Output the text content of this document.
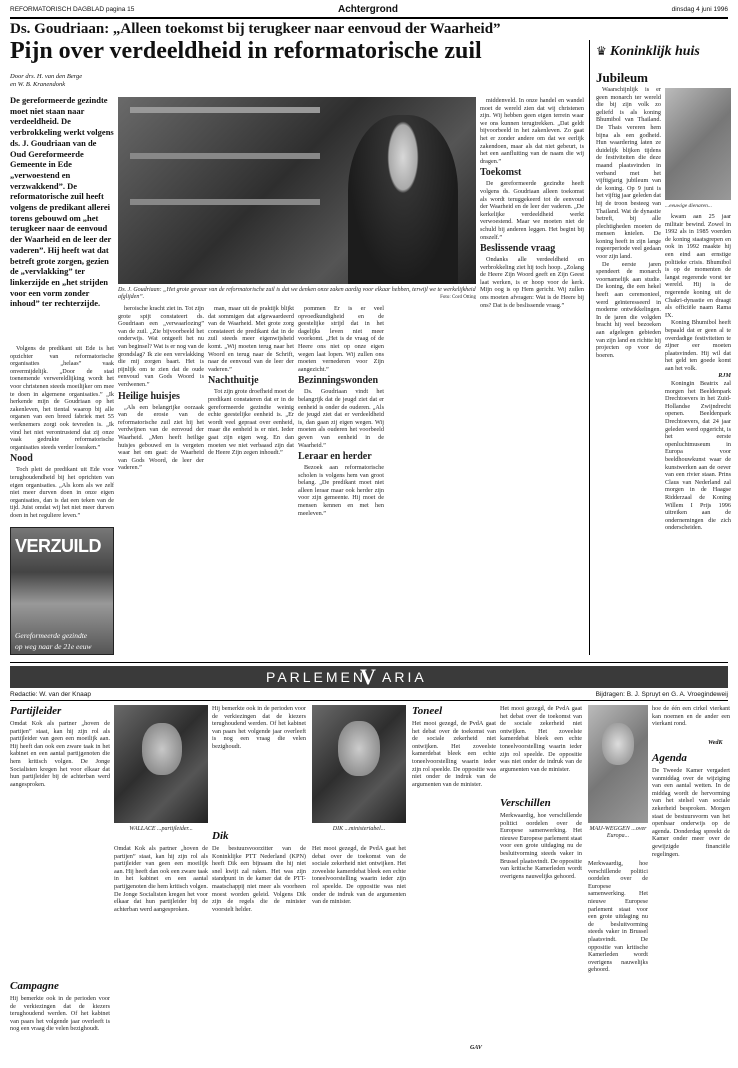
REFORMATORISCH DAGBLAD pagina 15	Achtergrond	dinsdag 4 juni 1996
Ds. Goudriaan: „Alleen toekomst bij terugkeer naar eenvoud der Waarheid”
Pijn over verdeeldheid in reformatorische zuil	♛ Koninklijk huis
Door drs. H. van den Berge
en W. B. Kranendonk
De gereformeerde gezindte moet niet staan naar verdeeldheid. De verbrokkeling werkt volgens ds. J. Goudriaan van de Oud Gereformeerde Gemeente in Ede „verwoestend en verzwakkend”. De reformatorische zuil heeft volgens de predikant allerei torens gebouwd om „het terugkeer naar de eenvoud der Waarheid en de leer der vaderen”. Hij heeft wat dat betreft grote zorgen, gezien de „vervlakking” ter linkerzijde en „het strijden voor een vorm zonder inhoud” ter rechterzijde.

Volgens de predikant uit Ede is het opzichter van reformatorische organisaties „helaas” vaak onvermijdelijk. „Door de stad toenemende verwereldlijking wordt het voor christenen steeds moeilijker om mee te doen in algemene organisaties.” „Ik herkende mijn de Goudriaan op het zakenleven, het tiental waarop bij alle organen van een breed fabriek met 55 werknemers zorgt ook tevreden is. „Ik vind het niet verontrustend dat zij onze vaak gedrukte reformatorische organisaties steeds verder losraken.”

Nood

Toch pleit de predikant uit Ede voor terughoudendheid bij het oprichten van eigen organisaties. „Als kom als we zelf niet meer durven doen in onze eigen organisaties, dan is dat een teken van de tijd. Juist omdat wij het niet meer durven doen in het reguliere leven.”

VERZUILD
Gereformeerde gezindte
op weg naar de 21e eeuw
Ds. J. Goudriaan: „Het grote gevaar van de reformatorische zuil is dat we denken onze zaken aardig voor elkaar hebben, terwijl we te werkelijkheid afglijden”.	Foto: Cord Otting

heroische kracht ziet in. Tot zijn grote spijt constateert ds. Goudriaan een „verwaarlozing” van de zuil. „Zie bijvoorbeeld het onderwijs. Wat ontgeeft het nu van beginsel? Wat is er nog van de grondslag? Ik zie een vervlakking die mij zorgen baart. Het is pijnlijk om te zien dat de oude eenvoud van Gods Woord is verdwenen.”

Heilige huisjes

„Als een belangrijke oorzaak van de erosie van de reformatorische zuil ziet hij het verdwijnen van de eenvoud der Waarheid. „Men heeft heilige huisjes gebouwd en is vergeten waar het om gaat: de Waarheid van Gods Woord, de leer der vaderen.”

man, maar uit de praktijk blijkt dat sommigen dat afgewaardeerd van de Waarheid. Met grote zorg constateert de predikant dat in de zuil steeds meer eigenwijsheid komt. „Wij moeten terug naar het Woord en terug naar de Schrift, naar de eenvoud van de leer der vaderen.”

Nachthuitje

Tot zijn grote droefheid moet de predikant constateren dat er in de gereformeerde gezindte weinig echte geestelijke eenheid is. „Er wordt veel gepraat over eenheid, maar die eenheid is er niet. Ieder gaat zijn eigen weg. En dan moeten we niet verbaasd zijn dat de Heere Zijn zegen inhoudt.”

pommen Er is er veel opvoedkundigheid en de geestelijke strijd dat in het dagelijks leven niet meer voorkomt. „Het is de vraag of de Heere ons niet op onze eigen wegen laat lopen. Wij zullen ons moeten vernederen voor Zijn aangezicht.”

Bezinningswonden

Ds. Goudriaan vindt het belangrijk dat de jeugd ziet dat er eenheid is onder de ouderen. „Als de jeugd ziet dat er verdeeldheid is, dan gaan zij eigen wegen. Wij moeten als ouderen het voorbeeld geven van eenheid in de Waarheid.”

Leraar en herder

Bezoek aan reformatorische scholen is volgens hem van groot belang. „De predikant moet niet alleen leraar maar ook herder zijn voor zijn gemeente. Hij moet de mensen kennen en met hen meeleven.”

middenveld. In onze handel en wandel moet de wereld zien dat wij christenen zijn. Wij hebben geen eigen terrein waar we ons kunnen terugtrekken. „Dat geldt bijvoorbeeld in het zakenleven. Zo gaat het er zonder andere om dat we eerlijk zakendoen, maar als dat niet gebeurt, is het een aanfluiting van de naam die wij dragen.”

Toekomst

De gereformeerde gezindte heeft volgens ds. Goudriaan alleen toekomst als wordt teruggekeerd tot de eenvoud der Waarheid en de leer der vaderen. „De kerkelijke verdeeldheid werkt verwoestend. Maar we moeten niet de schuld bij anderen leggen. Het begint bij onszelf.”

Beslissende vraag

Ondanks alle verdeeldheid en verbrokkeling ziet hij toch hoop. „Zolang de Heere Zijn Woord geeft en Zijn Geest laat werken, is er hoop voor de kerk. Mijn oog is op Hem gericht. Wij zullen ons moeten afvragen: Wat is de Heere bij ons? Dat is de beslissende vraag.”

Jubileum
...eeuwige dienaren...

Waarschijnlijk is er geen monarch ter wereld die bij zijn volk zo geliefd is als koning Bhumibol van Thailand. De Thais vereren hem bijna als een godheid. Hun waardering laten ze duidelijk blijken tijdens de festiviteiten die deze maand plaatsvinden in verband met het vijftigjarig jubileum van de koning. Op 9 juni is het vijftig jaar geleden dat hij de troon besteeg van Thailand. Wat de dynastie betreft, bij alle plechtigheden moeten de mensen knielen. De koning heeft in zijn lange regeerperiode veel gedaan voor zijn land.

De eerste jaren spendeert de monarch voornamelijk aan studie. De koning, die een hekel heeft aan ceremonieel, werd geïnteresseerd in moderne ontwikkelingen. In de jaren die volgden bracht hij veel bezoeken aan afgelegen gebieden van zijn land en richtte hij projecten op voor de boeren.

kwam aan 25 jaar militair bewind. Zowel in 1992 als in 1985 voerden de koning staatsgrepen en ook in 1992 maakte hij een eind aan ernstige politieke crisis. Bhumibol is op de momenten de langst regerende vorst ter wereld. Hij is de regerende koning uit de Chakri-dynastie en draagt als officiële naam Rama IX.

Koning Bhumibol heeft bepaald dat er geen al te overdadige festiviteiten te zijner eer moeten plaatsvinden. Hij wil dat het geld ten goede komt aan het volk.

RJM

Koningin Beatrix zal morgen het Beeldenpark Drechtoevers in het Zuid-Hollandse Zwijndrecht openen. Beeldenpark Drechtoevers, dat 24 jaar geleden werd opgericht, is het eerste openluchtmuseum in Europa voor beeldhouwkunst waar de kunstwerken aan de oever van een rivier staan. Prins Claus van Nederland zal morgen in de Haagse Ridderzaal de Koning Willem I Prijs 1996 uitreiken aan de ondernemingen die zich onderscheiden.

PARLEMEN
V ARIA
Redactie: W. van der Knaap	Bijdragen: B. J. Spruyt en G. A. Vroegindeweij
Partijleider
Omdat Kok als partner „hoven de partijen” staat, kan hij zijn rol als partijleider van geen een moeilijk aan. Hij heeft dan ook een zware taak in het kabinet en een aantal partijgenoten die hem kritisch volgen. De Jonge Socialisten kregen het voor elkaar dat hun partijleider bij de achterban werd aangesproken.
Campagne
Hij bemerkte ook in de perioden voor de verkiezingen dat de kiezers terughoudend werden. Of het kabinet van paars het volgende jaar overleeft is nog een vraag die velen bezighoudt.
WALLACE ...partijleider...
Omdat Kok als partner „hoven de partijen” staat, kan hij zijn rol als partijleider van geen een moeilijk aan. Hij heeft dan ook een zware taak in het kabinet en een aantal partijgenoten die hem kritisch volgen. De Jonge Socialisten kregen het voor elkaar dat hun partijleider bij de achterban werd aangesproken.
Hij bemerkte ook in de perioden voor de verkiezingen dat de kiezers terughoudend werden. Of het kabinet van paars het volgende jaar overleeft is nog een vraag die velen bezighoudt.
Dik
De bestuursvoorzitter van de Koninklijke PTT Nederland (KPN) heeft Dik een bijnaam die hij niet snel kwijt zal raken. Het was zijn standpunt in de kamer dat de PTT-maatschappij niet meer als voorheen moest worden geleid. Volgens Dik zijn de regels die de minister voorstelt helder.
DIK ...ministeriabel...
Het mooi gezegd, de PvdA gaat het debat over de toekomst van de sociale zekerheid niet ontwijken. Het zoveelste kamerdebat bleek een echte toneelvoorstelling waarin ieder zijn rol speelde. De oppositie was niet onder de indruk van de argumenten van de minister.
Toneel
Het mooi gezegd, de PvdA gaat het debat over de toekomst van de sociale zekerheid niet ontwijken. Het zoveelste kamerdebat bleek een echte toneelvoorstelling waarin ieder zijn rol speelde. De oppositie was niet onder de indruk van de argumenten van de minister.
GAV
Het mooi gezegd, de PvdA gaat het debat over de toekomst van de sociale zekerheid niet ontwijken. Het zoveelste kamerdebat bleek een echte toneelvoorstelling waarin ieder zijn rol speelde. De oppositie was niet onder de indruk van de argumenten van de minister.
Verschillen
Merkwaardig, hoe verschillende politici oordelen over de Europese samenwerking. Het nieuwe Europese parlement staat voor een grote uitdaging nu de besluitvorming steeds vaker in Brussel plaatsvindt. De oppositie van kritische Kamerleden wordt overigens nauwelijks gehoord.
MAIJ-WEGGEN ...over Europa...
Merkwaardig, hoe verschillende politici oordelen over de Europese samenwerking. Het nieuwe Europese parlement staat voor een grote uitdaging nu de besluitvorming steeds vaker in Brussel plaatsvindt. De oppositie van kritische Kamerleden wordt overigens nauwelijks gehoord.
hoe de één een cirkel vierkant kan noemen en de ander een vierkant rond.
WedK
Agenda
De Tweede Kamer vergadert vanmiddag over de wijziging van een aantal wetten. In de middag wordt de hervorming van het stelsel van sociale zekerheid besproken. Morgen staat de bestuursvorm van het openbaar onderwijs op de agenda. Donderdag spreekt de Kamer onder meer over de gewijzigde financiële regelingen.
